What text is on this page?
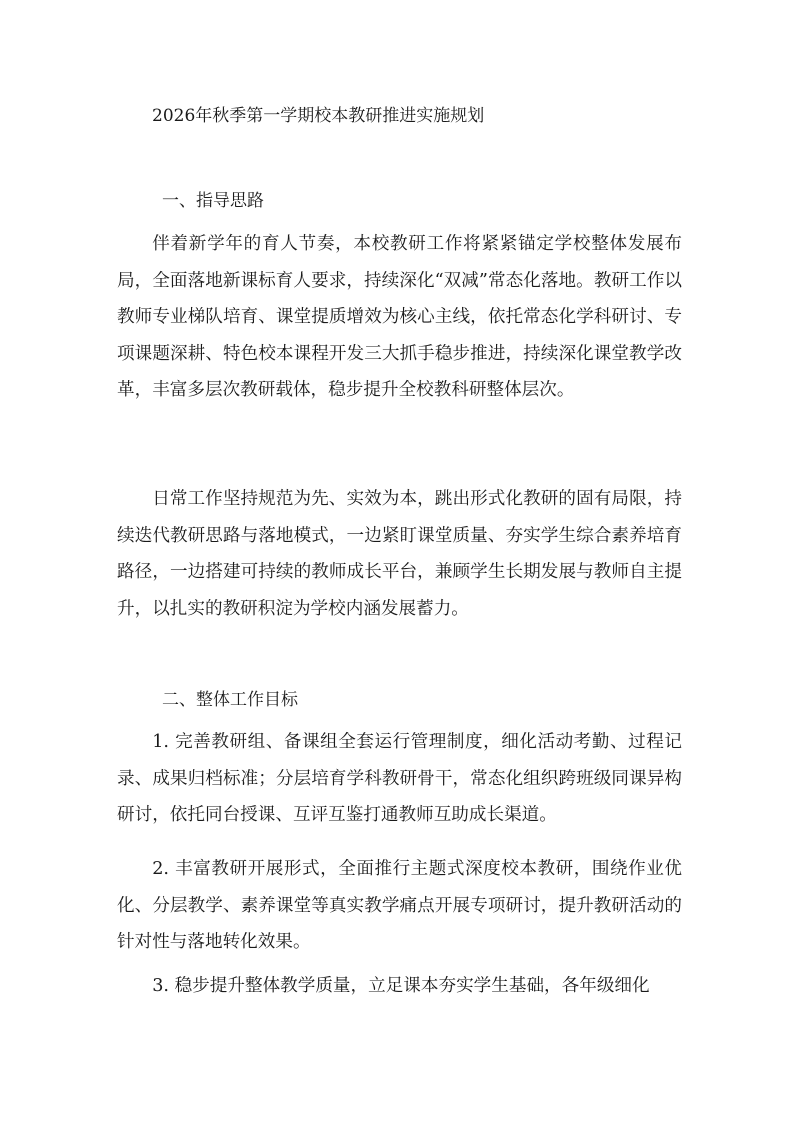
2026年秋季第一学期校本教研推进实施规划
一、指导思路

伴着新学年的育人节奏，本校教研工作将紧紧锚定学校整体发展布局，全面落地新课标育人要求，持续深化“双减”常态化落地。教研工作以教师专业梯队培育、课堂提质增效为核心主线，依托常态化学科研讨、专项课题深耕、特色校本课程开发三大抓手稳步推进，持续深化课堂教学改革，丰富多层次教研载体，稳步提升全校教科研整体层次。

日常工作坚持规范为先、实效为本，跳出形式化教研的固有局限，持续迭代教研思路与落地模式，一边紧盯课堂质量、夯实学生综合素养培育路径，一边搭建可持续的教师成长平台，兼顾学生长期发展与教师自主提升，以扎实的教研积淀为学校内涵发展蓄力。

二、整体工作目标

1. 完善教研组、备课组全套运行管理制度，细化活动考勤、过程记录、成果归档标准；分层培育学科教研骨干，常态化组织跨班级同课异构研讨，依托同台授课、互评互鉴打通教师互助成长渠道。

2. 丰富教研开展形式，全面推行主题式深度校本教研，围绕作业优化、分层教学、素养课堂等真实教学痛点开展专项研讨，提升教研活动的针对性与落地转化效果。

3. 稳步提升整体教学质量，立足课本夯实学生基础，各年级细化
